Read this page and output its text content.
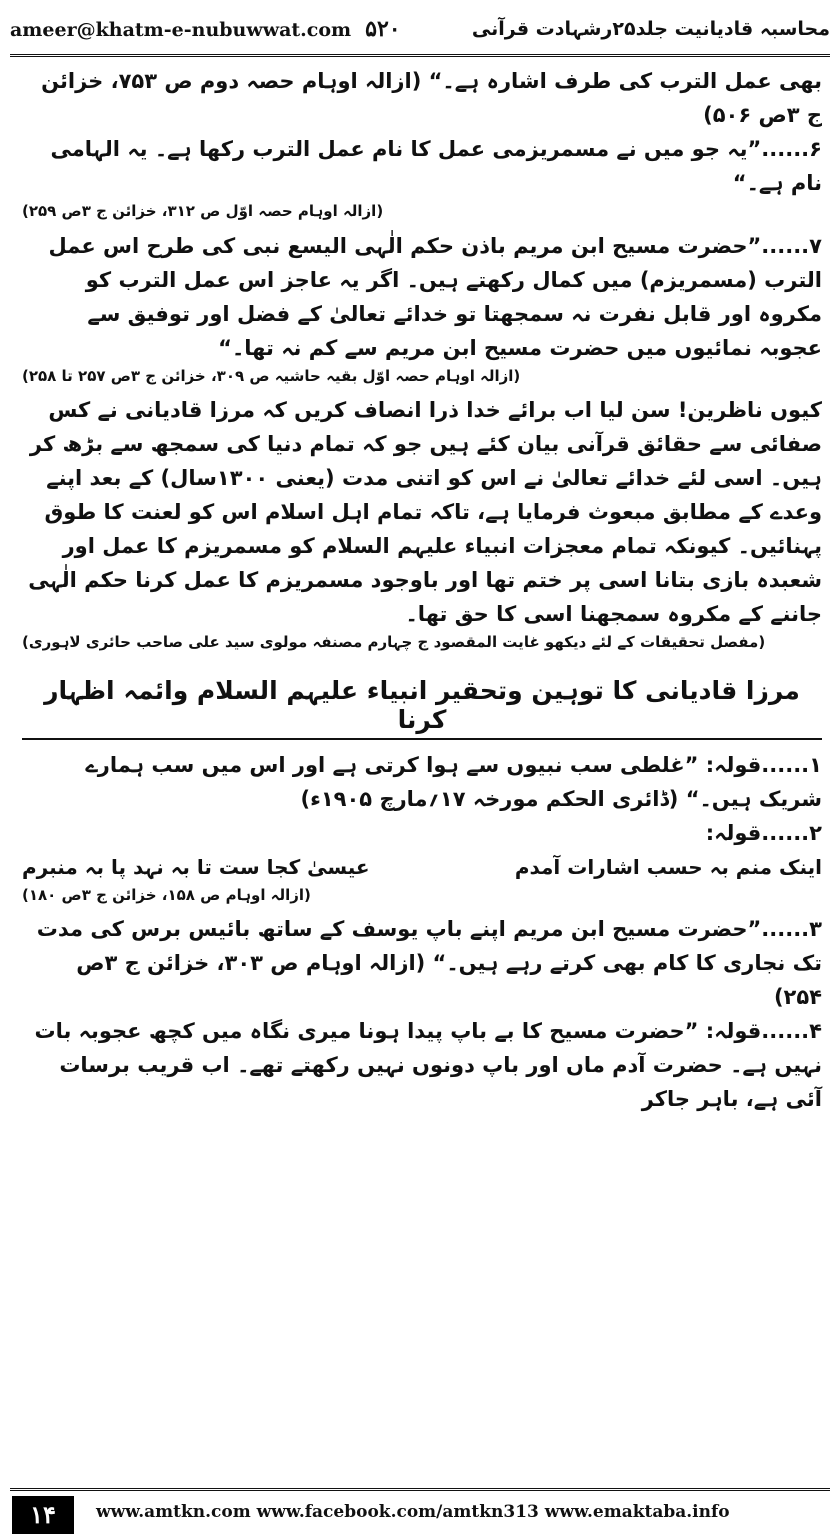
ameer@khatm-e-nubuwwat.com ۵۲۰	محاسبہ قادیانیت جلد۲۵رشہادت قرآنی

بھی عمل الترب کی طرف اشارہ ہے۔“ (ازالہ اوہام حصہ دوم ص ۷۵۳، خزائن ج ۳ص ۵۰۶)

۶......”یہ جو میں نے مسمریزمی عمل کا نام عمل الترب رکھا ہے۔ یہ الہامی نام ہے۔“

(ازالہ اوہام حصہ اوّل ص ۳۱۲، خزائن ج ۳ص ۲۵۹)

۷......”حضرت مسیح ابن مریم باذن حکم الٰہی الیسع نبی کی طرح اس عمل الترب (مسمریزم) میں کمال رکھتے ہیں۔ اگر یہ عاجز اس عمل الترب کو مکروہ اور قابل نفرت نہ سمجھتا تو خدائے تعالیٰ کے فضل اور توفیق سے عجوبہ نمائیوں میں حضرت مسیح ابن مریم سے کم نہ تھا۔“

(ازالہ اوہام حصہ اوّل بقیہ حاشیہ ص ۳۰۹، خزائن ج ۳ص ۲۵۷ تا ۲۵۸)

کیوں ناظرین! سن لیا اب برائے خدا ذرا انصاف کریں کہ مرزا قادیانی نے کس صفائی سے حقائق قرآنی بیان کئے ہیں جو کہ تمام دنیا کی سمجھ سے بڑھ کر ہیں۔ اسی لئے خدائے تعالیٰ نے اس کو اتنی مدت (یعنی ۱۳۰۰سال) کے بعد اپنے وعدے کے مطابق مبعوث فرمایا ہے، تاکہ تمام اہل اسلام اس کو لعنت کا طوق پہنائیں۔ کیونکہ تمام معجزات انبیاء علیہم السلام کو مسمریزم کا عمل اور شعبدہ بازی بتانا اسی پر ختم تھا اور باوجود مسمریزم کا عمل کرنا حکم الٰہی جاننے کے مکروہ سمجھنا اسی کا حق تھا۔

(مفصل تحقیقات کے لئے دیکھو غایت المقصود ج چہارم مصنفہ مولوی سید علی صاحب حائری لاہوری)

مرزا قادیانی کا توہین وتحقیر انبیاء علیہم السلام وائمہ اظہار کرنا

۱......قولہ: ”غلطی سب نبیوں سے ہوا کرتی ہے اور اس میں سب ہمارے شریک ہیں۔“ (ڈائری الحکم مورخہ ۱۷؍مارچ ۱۹۰۵ء)

۲......قولہ:

اینک منم بہ حسب اشارات آمدم
عیسیٰ کجا ست تا بہ نہد پا بہ منبرم

(ازالہ اوہام ص ۱۵۸، خزائن ج ۳ص ۱۸۰)

۳......”حضرت مسیح ابن مریم اپنے باپ یوسف کے ساتھ بائیس برس کی مدت تک نجاری کا کام بھی کرتے رہے ہیں۔“ (ازالہ اوہام ص ۳۰۳، خزائن ج ۳ص ۲۵۴)

۴......قولہ: ”حضرت مسیح کا بے باپ پیدا ہونا میری نگاہ میں کچھ عجوبہ بات نہیں ہے۔ حضرت آدم ماں اور باپ دونوں نہیں رکھتے تھے۔ اب قریب برسات آئی ہے، باہر جاکر

۱۴	www.amtkn.com www.facebook.com/amtkn313 www.emaktaba.info
